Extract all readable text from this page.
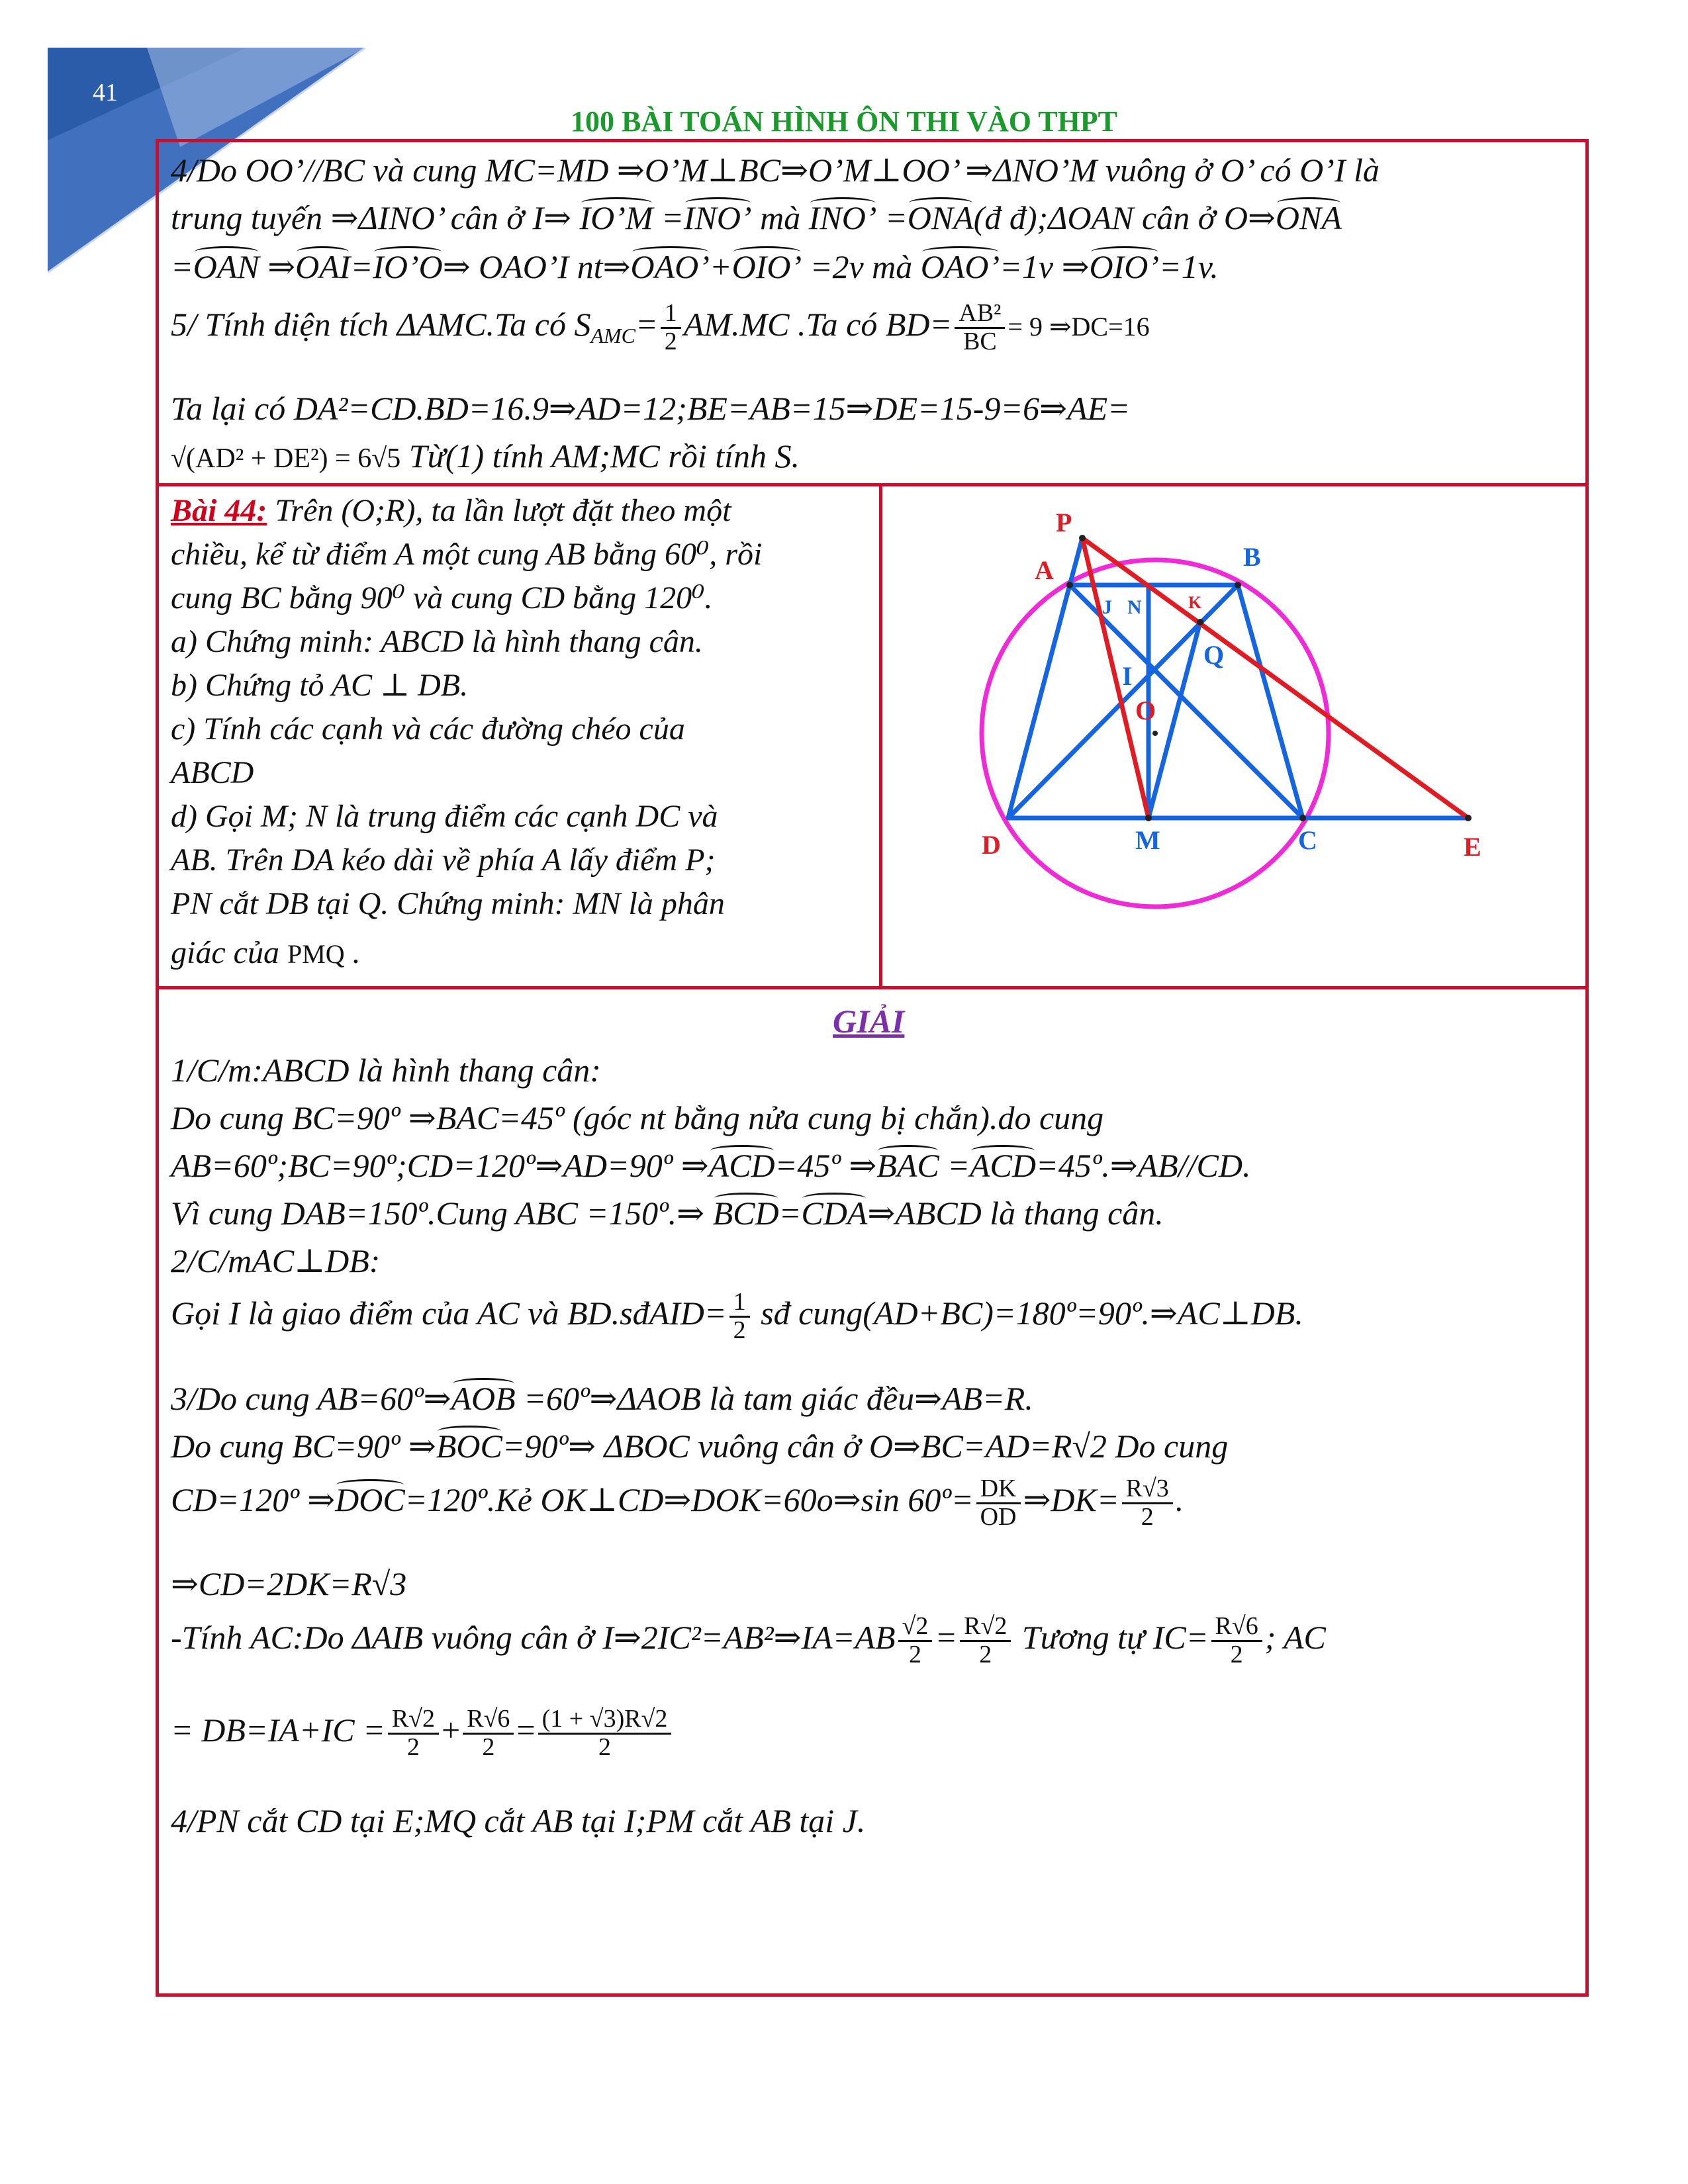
41
100 BÀI TOÁN HÌNH ÔN THI VÀO THPT
4/Do OO’//BC và cung MC=MD ⇒O’M⊥BC⇒O’M⊥OO’ ⇒ΔNO’M vuông ở O’ có O’I là
trung tuyến ⇒ΔINO’ cân ở I⇒ IO’M =INO’ mà INO’ =ONA(đ đ);ΔOAN cân ở O⇒ONA
=OAN ⇒OAI=IO’O⇒ OAO’I nt⇒OAO’+OIO’ =2v mà OAO’=1v ⇒OIO’=1v.
5/ Tính diện tích ΔAMC.Ta có $S_{AMC}= \frac{1}{2} AM.MC$ .Ta có $BD= \frac{\text{AB²}}{BC} = 9$ ⇒DC=16
Ta lại có DA²=CD.BD=16.9⇒AD=12;BE=AB=15⇒DE=15-9=6⇒AE=
√(AD² + DE²) = 6√5 Từ(1) tính AM;MC rồi tính S.
Bài 44: Trên (O;R), ta lần lượt đặt theo một
chiều, kể từ điểm A một cung AB bằng 60⁰, rồi
cung BC bằng 90⁰ và cung CD bằng 120⁰.
a) Chứng minh: ABCD là hình thang cân.
b) Chứng tỏ AC ⊥ DB.
c) Tính các cạnh và các đường chéo của
ABCD
d) Gọi M; N là trung điểm các cạnh DC và
AB. Trên DA kéo dài về phía A lấy điểm P;
PN cắt DB tại Q. Chứng minh: MN là phân
giác của PMQ .
P
A	B
J N	K
Q
I
O
D	M	C	E
GIẢI
1/C/m:ABCD là hình thang cân:
Do cung BC=90º ⇒BAC=45º (góc nt bằng nửa cung bị chắn).do cung
AB=60º;BC=90º;CD=120º⇒AD=90º ⇒ACD=45º ⇒BAC =ACD=45º.⇒AB//CD.
Vì cung DAB=150º.Cung ABC =150º.⇒ BCD=CDA⇒ABCD là thang cân.
2/C/mAC⊥DB:
Gọi I là giao điểm của AC và BD.sđAID= $\frac{1}{2}$ sđ cung(AD+BC)=180º=90º.⇒AC⊥DB.
3/Do cung AB=60º⇒AOB =60º⇒ΔAOB là tam giác đều⇒AB=R.
Do cung BC=90º ⇒BOC=90º⇒ ΔBOC vuông cân ở O⇒BC=AD=R√2 Do cung
CD=120º ⇒DOC=120º.Kẻ OK⊥CD⇒DOK=60o⇒sin 60º= $\frac{DK}{OD}$ ⇒DK= $\frac{R√3}{2}$ .
⇒CD=2DK=R√3
-Tính AC:Do ΔAIB vuông cân ở I⇒2IC²=AB²⇒IA=AB $\frac{√2}{2} = \frac{R√2}{2}$ Tương tự $IC= \frac{R√6}{2}$ ; AC
= $DB=IA+IC = \frac{R√2}{2} + \frac{R√6}{2} = \frac{(1 + √3)R√2}{2}$
4/PN cắt CD tại E;MQ cắt AB tại I;PM cắt AB tại J.
